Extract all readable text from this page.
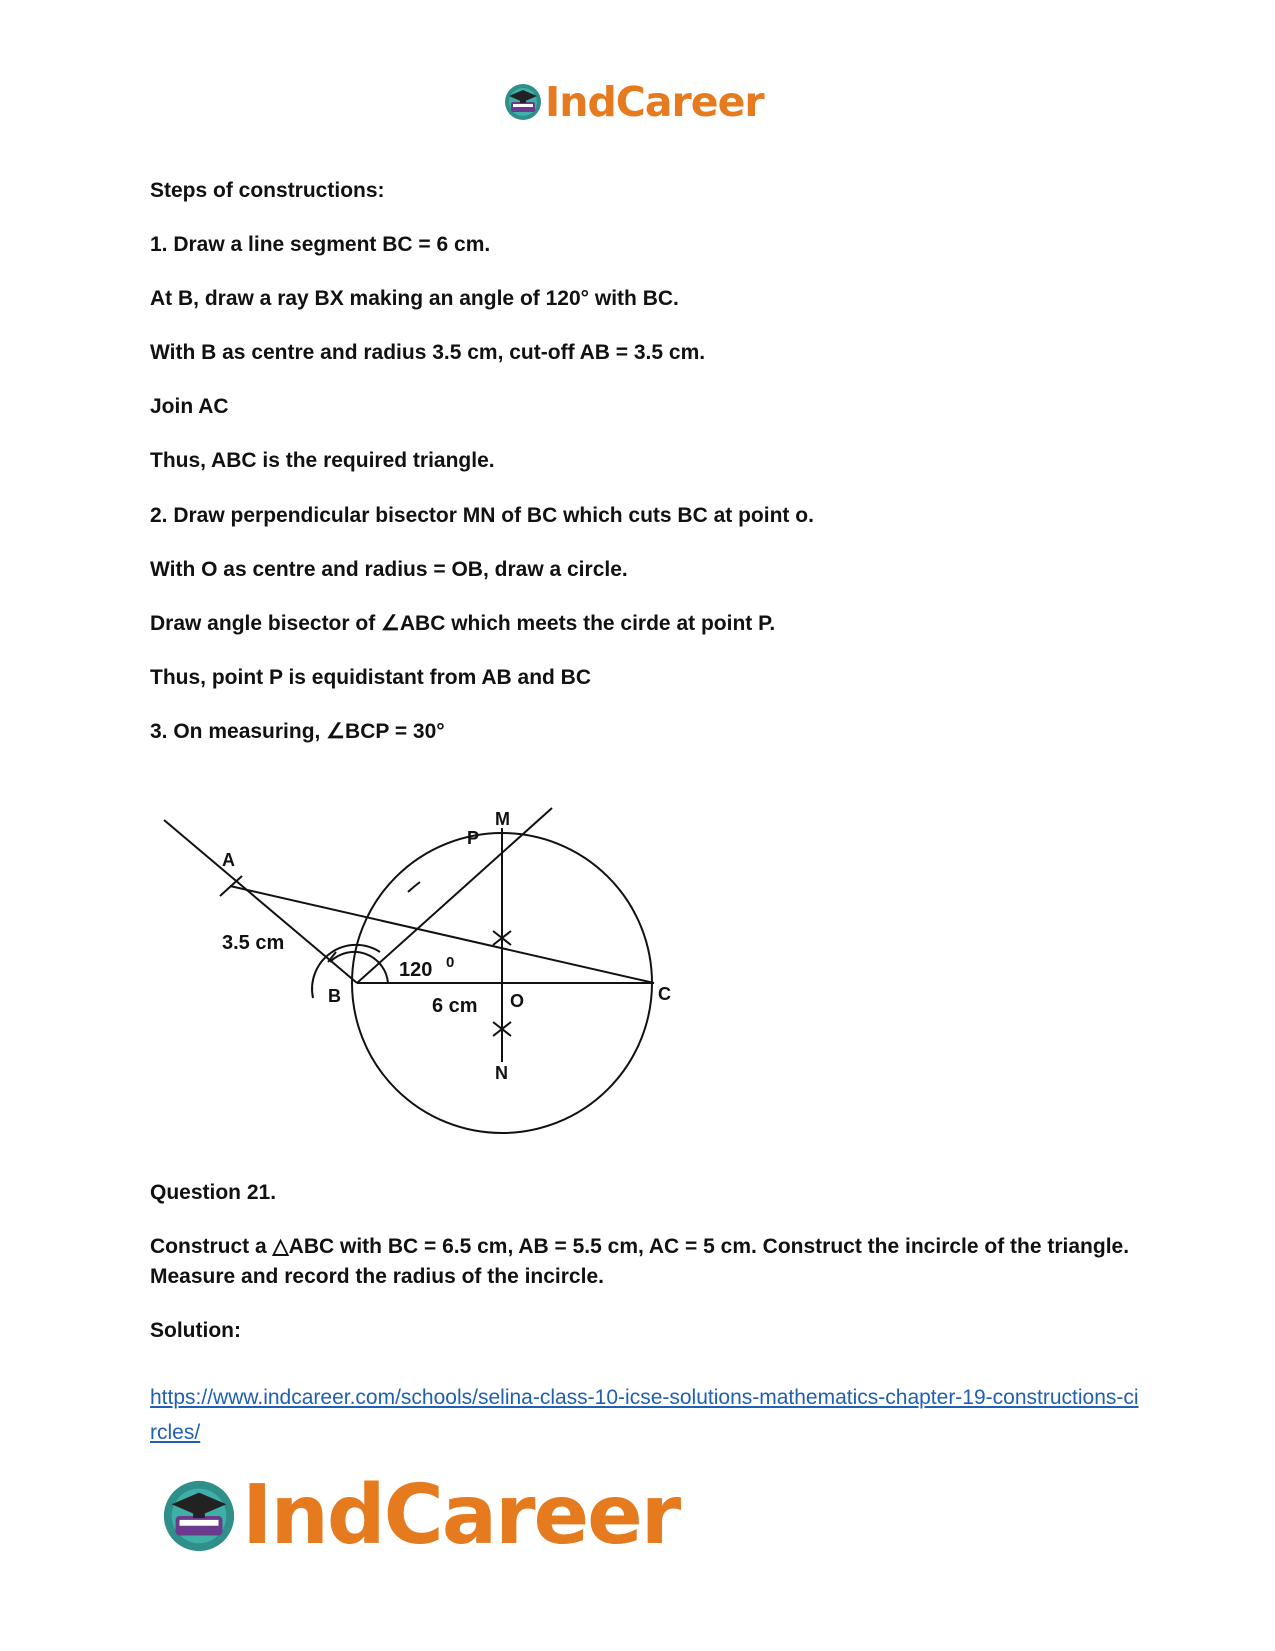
IndCareer

Steps of constructions:

1. Draw a line segment BC = 6 cm.

At B, draw a ray BX making an angle of 120° with BC.

With B as centre and radius 3.5 cm, cut-off AB = 3.5 cm.

Join AC

Thus, ABC is the required triangle.

2. Draw perpendicular bisector MN of BC which cuts BC at point o.

With O as centre and radius = OB, draw a circle.

Draw angle bisector of ∠ABC which meets the cirde at point P.

Thus, point P is equidistant from AB and BC

3. On measuring, ∠BCP = 30°

Question 21.

Construct a △ABC with BC = 6.5 cm, AB = 5.5 cm, AC = 5 cm. Construct the incircle of the triangle. Measure and record the radius of the incircle.

Solution:

M
P
A
3.5 cm
120 0
B	6 cm O	C
N
https://www.indcareer.com/schools/selina-class-10-icse-solutions-mathematics-chapter-19-constructions-circles/
IndCareer
